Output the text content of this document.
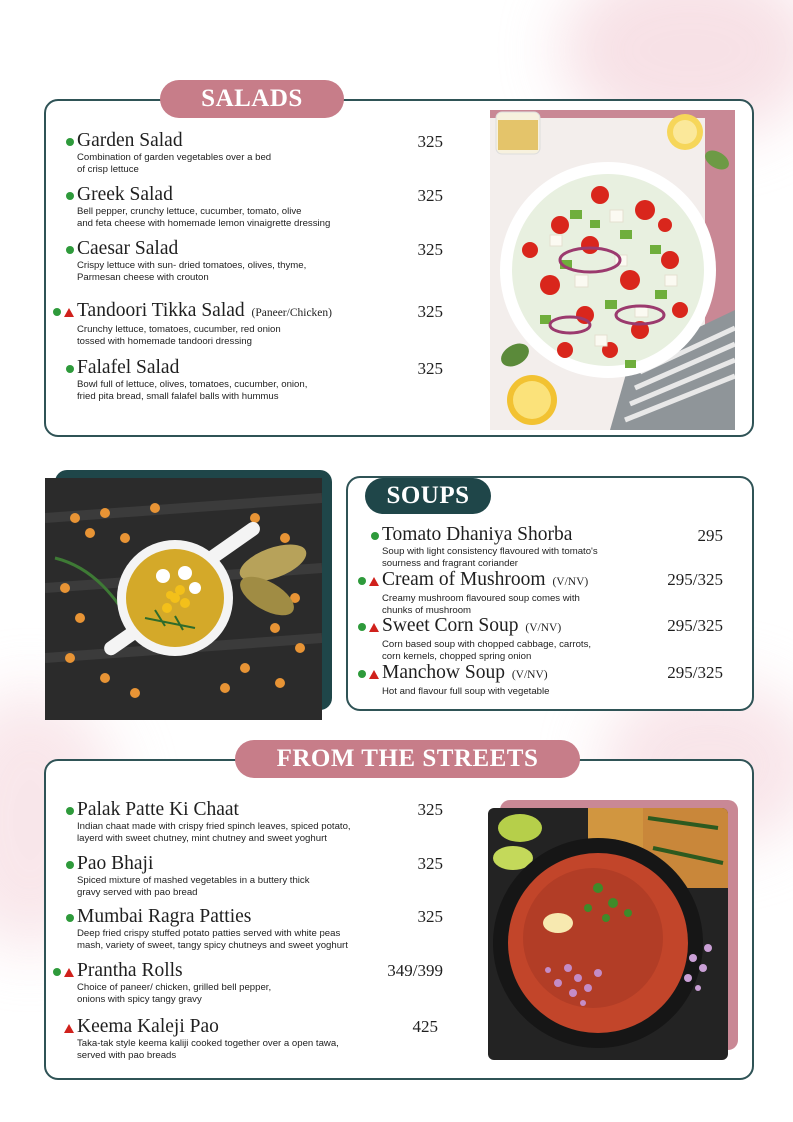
SALADS
Garden Salad
Combination of garden vegetables over a bed
of crisp lettuce
325
Greek Salad
Bell pepper, crunchy lettuce, cucumber, tomato, olive
and feta cheese with homemade lemon vinaigrette dressing
325
Caesar Salad
Crispy lettuce with sun- dried tomatoes, olives, thyme,
Parmesan cheese with crouton
325
Tandoori Tikka Salad (Paneer/Chicken)
Crunchy lettuce, tomatoes, cucumber, red onion
tossed with homemade tandoori dressing
325
Falafel Salad
Bowl full of lettuce, olives, tomatoes, cucumber, onion,
fried pita bread, small falafel balls with hummus
325
SOUPS
Tomato Dhaniya Shorba
Soup with light consistency flavoured with tomato's
sourness and fragrant coriander
295
Cream of Mushroom (V/NV)
Creamy mushroom flavoured soup comes with
chunks of mushroom
295/325
Sweet Corn Soup (V/NV)
Corn based soup with chopped cabbage, carrots,
corn kernels, chopped spring onion
295/325
Manchow Soup (V/NV)
Hot and flavour full soup with vegetable
295/325
FROM THE STREETS
Palak Patte Ki Chaat
Indian chaat made with crispy fried spinch leaves, spiced potato,
layerd with sweet chutney, mint chutney and sweet yoghurt
325
Pao Bhaji
Spiced mixture of mashed vegetables in a buttery thick
gravy served with pao bread
325
Mumbai Ragra Patties
Deep fried crispy stuffed potato patties served with white peas
mash, variety of sweet, tangy spicy chutneys and sweet yoghurt
325
Prantha Rolls
Choice of paneer/ chicken, grilled bell pepper,
onions with spicy tangy gravy
349/399
Keema Kaleji Pao
Taka-tak style keema kaliji cooked together over a open tawa,
served with pao breads
425
